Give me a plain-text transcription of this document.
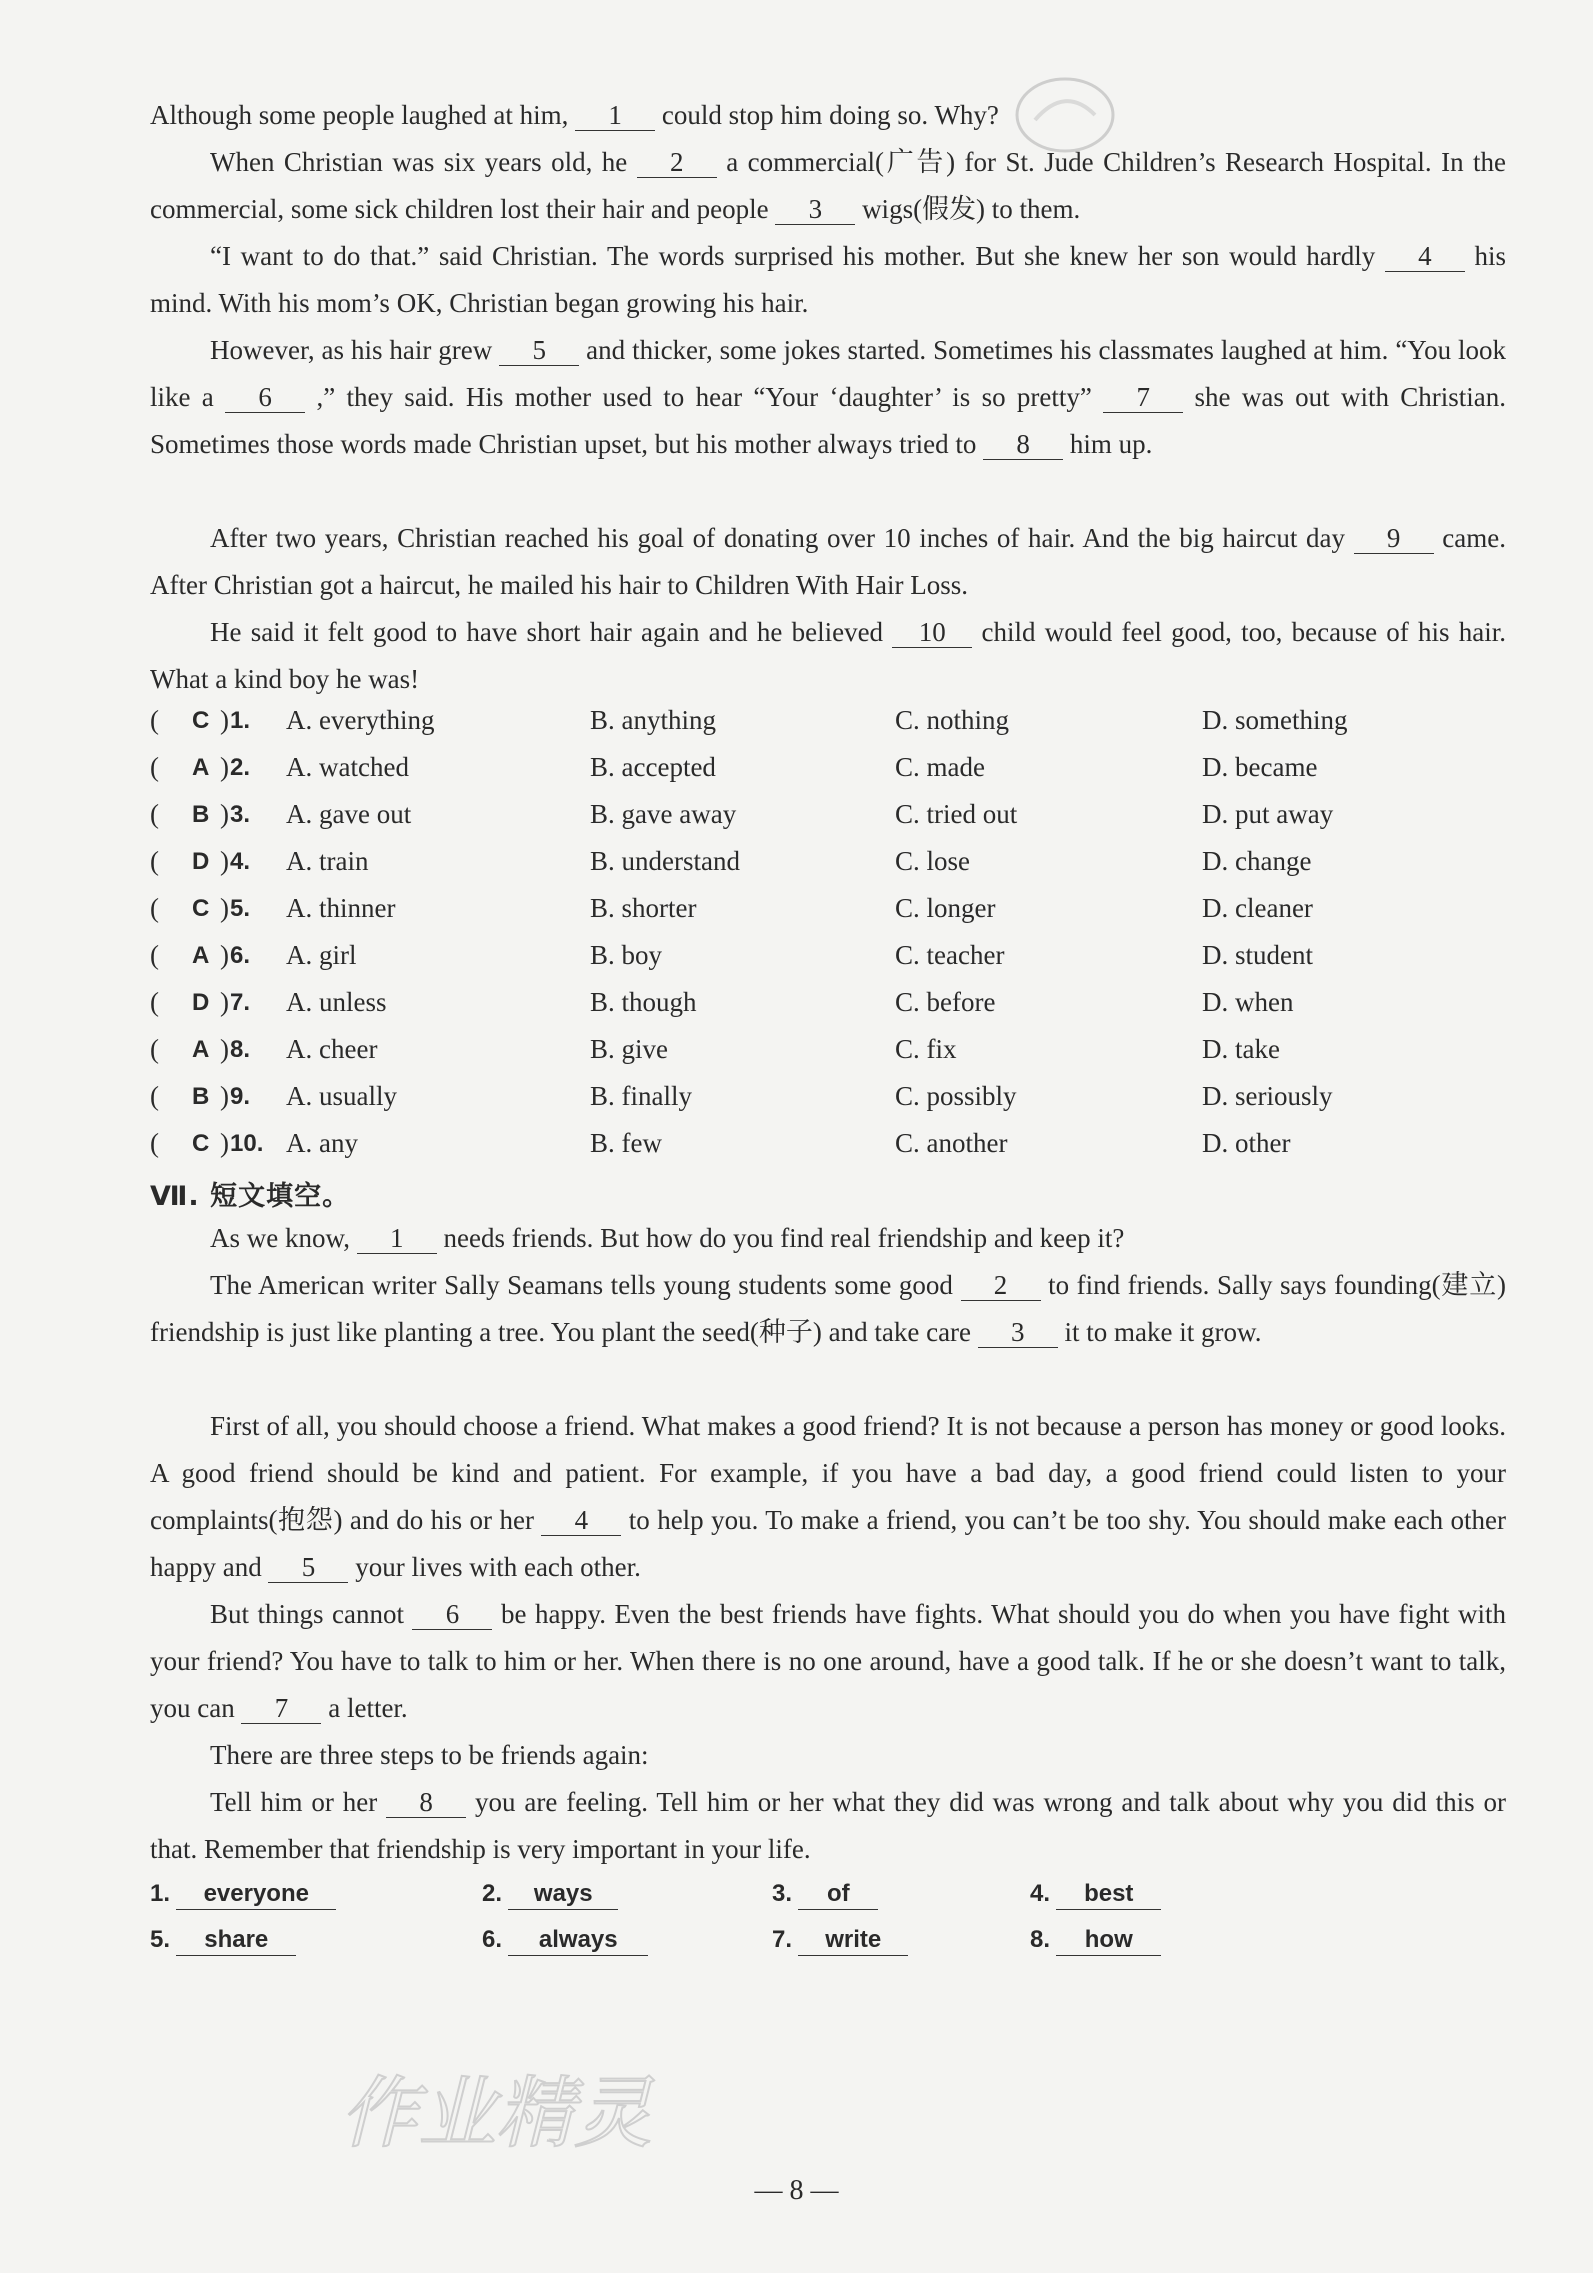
Although some people laughed at him, 1 could stop him doing so. Why?
When Christian was six years old, he 2 a commercial(广告) for St. Jude Children’s Research Hospital. In the commercial, some sick children lost their hair and people 3 wigs(假发) to them.
“I want to do that.” said Christian. The words surprised his mother. But she knew her son would hardly 4 his mind. With his mom’s OK, Christian began growing his hair.
However, as his hair grew 5 and thicker, some jokes started. Sometimes his classmates laughed at him. “You look like a 6 ,” they said. His mother used to hear “Your ‘daughter’ is so pretty” 7 she was out with Christian. Sometimes those words made Christian upset, but his mother always tried to 8 him up.
After two years, Christian reached his goal of donating over 10 inches of hair. And the big haircut day 9 came. After Christian got a haircut, he mailed his hair to Children With Hair Loss.
He said it felt good to have short hair again and he believed 10 child would feel good, too, because of his hair. What a kind boy he was!
( C ) 1. A. everything	B. anything	C. nothing	D. something
( A ) 2. A. watched	B. accepted	C. made	D. became
( B ) 3. A. gave out	B. gave away	C. tried out	D. put away
( D ) 4. A. train	B. understand	C. lose	D. change
( C ) 5. A. thinner	B. shorter	C. longer	D. cleaner
( A ) 6. A. girl	B. boy	C. teacher	D. student
( D ) 7. A. unless	B. though	C. before	D. when
( A ) 8. A. cheer	B. give	C. fix	D. take
( B ) 9. A. usually	B. finally	C. possibly	D. seriously
( C ) 10. A. any	B. few	C. another	D. other
Ⅶ. 短文填空。
As we know, 1 needs friends. But how do you find real friendship and keep it?
The American writer Sally Seamans tells young students some good 2 to find friends. Sally says founding(建立) friendship is just like planting a tree. You plant the seed(种子) and take care 3 it to make it grow.
First of all, you should choose a friend. What makes a good friend? It is not because a person has money or good looks. A good friend should be kind and patient. For example, if you have a bad day, a good friend could listen to your complaints(抱怨) and do his or her 4 to help you. To make a friend, you can’t be too shy. You should make each other happy and 5 your lives with each other.
But things cannot 6 be happy. Even the best friends have fights. What should you do when you have fight with your friend? You have to talk to him or her. When there is no one around, have a good talk. If he or she doesn’t want to talk, you can 7 a letter.
There are three steps to be friends again:
Tell him or her 8 you are feeling. Tell him or her what they did was wrong and talk about why you did this or that. Remember that friendship is very important in your life.
1. everyone	2. ways	3. of	4. best
5. share	6. always	7. write	8. how
作业精灵
— 8 —
